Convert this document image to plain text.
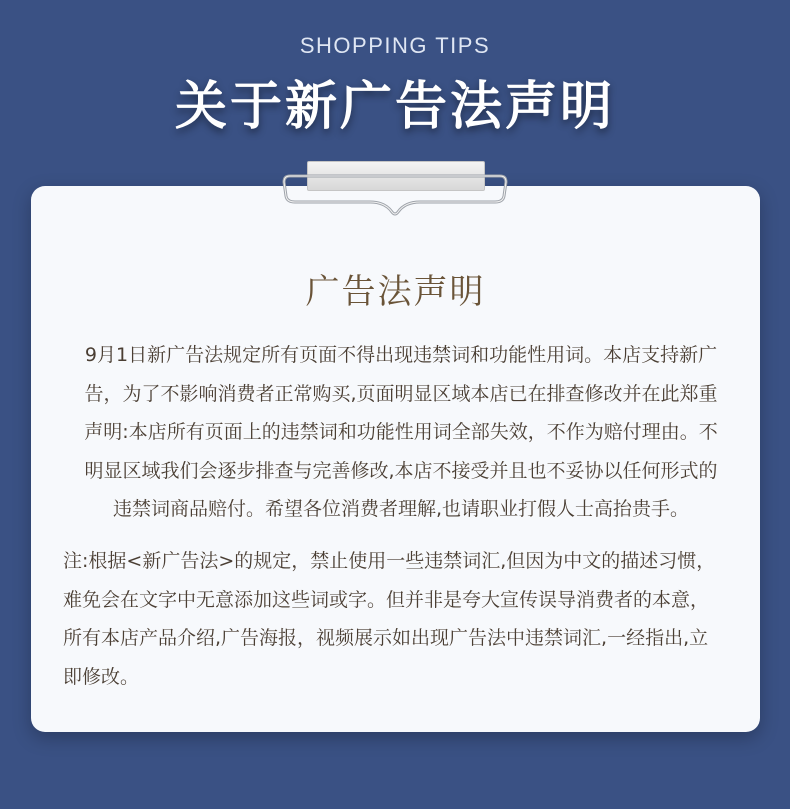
SHOPPING TIPS
关于新广告法声明
广告法声明
9月1日新广告法规定所有页面不得出现违禁词和功能性用词。本店支持新广
告，为了不影响消费者正常购买,页面明显区域本店已在排查修改并在此郑重
声明:本店所有页面上的违禁词和功能性用词全部失效，不作为赔付理由。不
明显区域我们会逐步排查与完善修改,本店不接受并且也不妥协以任何形式的
违禁词商品赔付。希望各位消费者理解,也请职业打假人士高抬贵手。
注:根据<新广告法>的规定，禁止使用一些违禁词汇,但因为中文的描述习惯，
难免会在文字中无意添加这些词或字。但并非是夸大宣传误导消费者的本意，
所有本店产品介绍,广告海报，视频展示如出现广告法中违禁词汇,一经指出,立
即修改。
